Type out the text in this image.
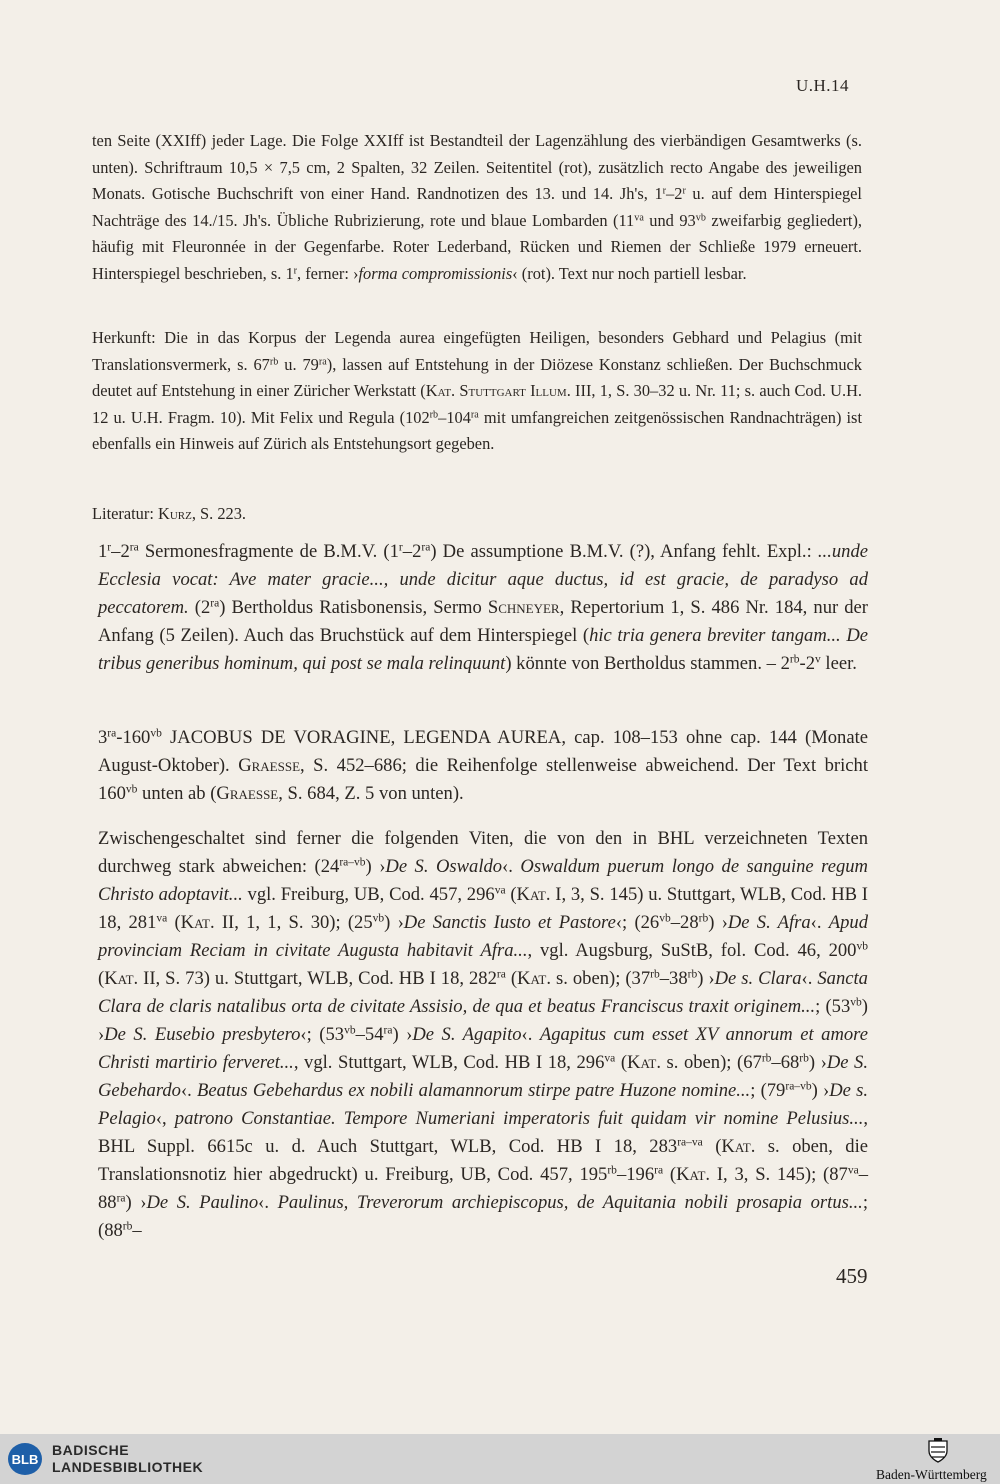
U.H.14

ten Seite (XXIff) jeder Lage. Die Folge XXIff ist Bestandteil der Lagenzählung des vierbändigen Gesamtwerks (s. unten). Schriftraum 10,5 × 7,5 cm, 2 Spalten, 32 Zeilen. Seitentitel (rot), zusätzlich recto Angabe des jeweiligen Monats. Gotische Buchschrift von einer Hand. Randnotizen des 13. und 14. Jh's, 1$^r$–2$^r$ u. auf dem Hinterspiegel Nachträge des 14./15. Jh's. Übliche Rubrizierung, rote und blaue Lombarden ($11^{va}$ und $93^{vb}$ zweifarbig gegliedert), häufig mit Fleuronnée in der Gegenfarbe. Roter Lederband, Rücken und Riemen der Schließe 1979 erneuert. Hinterspiegel beschrieben, s. 1$^r$, ferner: ›forma compromissionis‹ (rot). Text nur noch partiell lesbar.

Herkunft: Die in das Korpus der Legenda aurea eingefügten Heiligen, besonders Gebhard und Pelagius (mit Translationsvermerk, s. $67^{rb}$ u. $79^{ra}$), lassen auf Entstehung in der Diözese Konstanz schließen. Der Buchschmuck deutet auf Entstehung in einer Züricher Werkstatt (Kat. Stuttgart Illum. III, 1, S. 30–32 u. Nr. 11; s. auch Cod. U.H. 12 u. U.H. Fragm. 10). Mit Felix und Regula ($102^{rb}-104^{ra}$ mit umfangreichen zeitgenössischen Randnachträgen) ist ebenfalls ein Hinweis auf Zürich als Entstehungsort gegeben.

Literatur: Kurz, S. 223.

$1^r-2^{ra}$ Sermonesfragmente de B.M.V. $(1^r-2^{ra})$ De assumptione B.M.V. (?), Anfang fehlt. Expl.: ...unde Ecclesia vocat: Ave mater gracie..., unde dicitur aque ductus, id est gracie, de paradyso ad peccatorem. $(2^{ra})$ Bertholdus Ratisbonensis, Sermo Schneyer, Repertorium 1, S. 486 Nr. 184, nur der Anfang (5 Zeilen). Auch das Bruchstück auf dem Hinterspiegel (hic tria genera breviter tangam... De tribus generibus hominum, qui post se mala relinquunt) könnte von Bertholdus stammen. – $2^{rb}-2^v$ leer.

$3^{ra}-160^{vb}$ JACOBUS DE VORAGINE, LEGENDA AUREA, cap. 108–153 ohne cap. 144 (Monate August-Oktober). Graesse, S. 452–686; die Reihenfolge stellenweise abweichend. Der Text bricht $160^{vb}$ unten ab (Graesse, S. 684, Z. 5 von unten).

Zwischengeschaltet sind ferner die folgenden Viten, die von den in BHL verzeichneten Texten durchweg stark abweichen: $(24^{ra-vb})$ ›De S. Oswaldo‹. Oswaldum puerum longo de sanguine regum Christo adoptavit... vgl. Freiburg, UB, Cod. 457, $296^{va}$ (Kat. I, 3, S. 145) u. Stuttgart, WLB, Cod. HB I 18, $281^{va}$ (Kat. II, 1, 1, S. 30); $(25^{vb})$ ›De Sanctis Iusto et Pastore‹; $(26^{vb}-28^{rb})$ ›De S. Afra‹. Apud provinciam Reciam in civitate Augusta habitavit Afra..., vgl. Augsburg, SuStB, fol. Cod. 46, $200^{vb}$ (Kat. II, S. 73) u. Stuttgart, WLB, Cod. HB I 18, $282^{ra}$ (Kat. s. oben); $(37^{rb}-38^{rb})$ ›De s. Clara‹. Sancta Clara de claris natalibus orta de civitate Assisio, de qua et beatus Franciscus traxit originem...; $(53^{vb})$ ›De S. Eusebio presbytero‹; $(53^{vb}-54^{ra})$ ›De S. Agapito‹. Agapitus cum esset XV annorum et amore Christi martirio ferveret..., vgl. Stuttgart, WLB, Cod. HB I 18, $296^{va}$ (Kat. s. oben); $(67^{rb}-68^{rb})$ ›De S. Gebehardo‹. Beatus Gebehardus ex nobili alamannorum stirpe patre Huzone nomine...; $(79^{ra-vb})$ ›De s. Pelagio‹, patrono Constantiae. Tempore Numeriani imperatoris fuit quidam vir nomine Pelusius..., BHL Suppl. 6615c u. d. Auch Stuttgart, WLB, Cod. HB I 18, $283^{ra-va}$ (Kat. s. oben, die Translationsnotiz hier abgedruckt) u. Freiburg, UB, Cod. 457, $195^{rb}-196^{ra}$ (Kat. I, 3, S. 145); $(87^{va}-88^{ra})$ ›De S. Paulino‹. Paulinus, Treverorum archiepiscopus, de Aquitania nobili prosapia ortus...; ($88^{rb}-$

459
BLB
BADISCHE
LANDESBIBLIOTHEK	Baden-Württemberg
